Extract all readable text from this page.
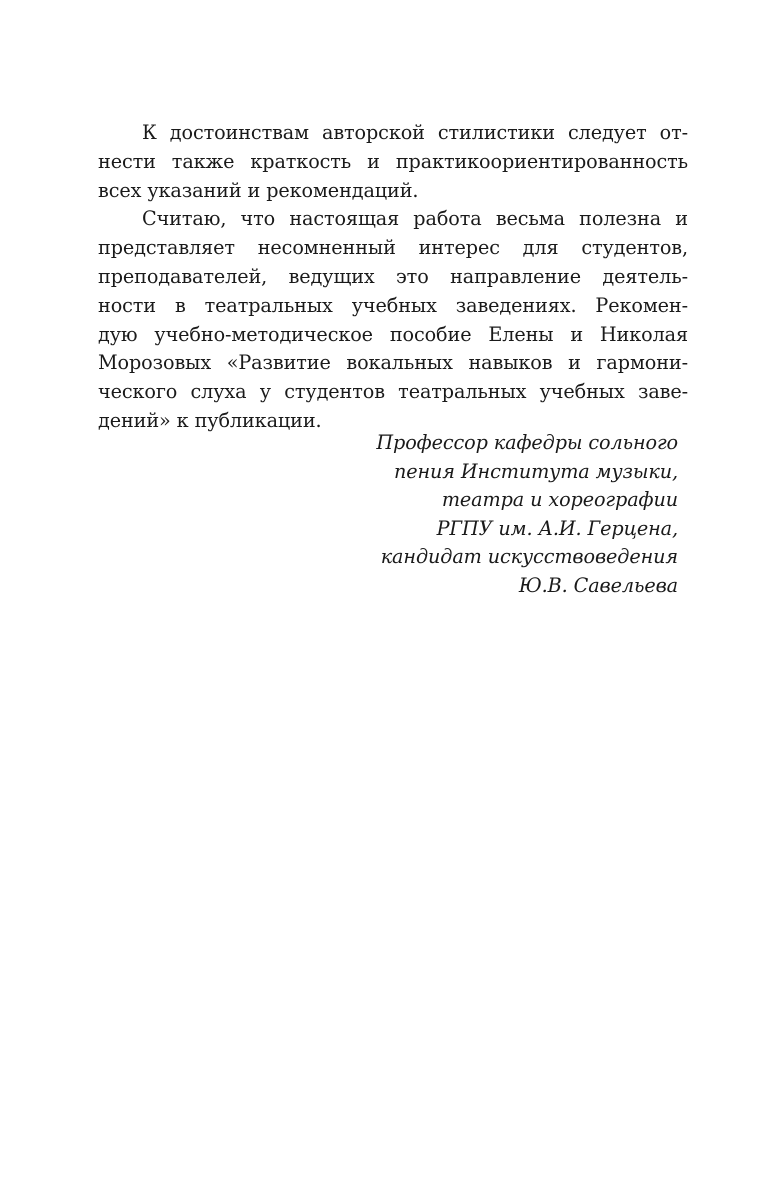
К достоинствам авторской стилистики следует от-
нести также краткость и практикоориентированность
всех указаний и рекомендаций.
Считаю, что настоящая работа весьма полезна и
представляет несомненный интерес для студентов,
преподавателей, ведущих это направление деятель-
ности в театральных учебных заведениях. Рекомен-
дую учебно-методическое пособие Елены и Николая
Морозовых «Развитие вокальных навыков и гармони-
ческого слуха у студентов театральных учебных заве-
дений» к публикации.
Профессор кафедры сольного
пения Института музыки,
театра и хореографии
РГПУ им. А.И. Герцена,
кандидат искусствоведения
Ю.В. Савельева
